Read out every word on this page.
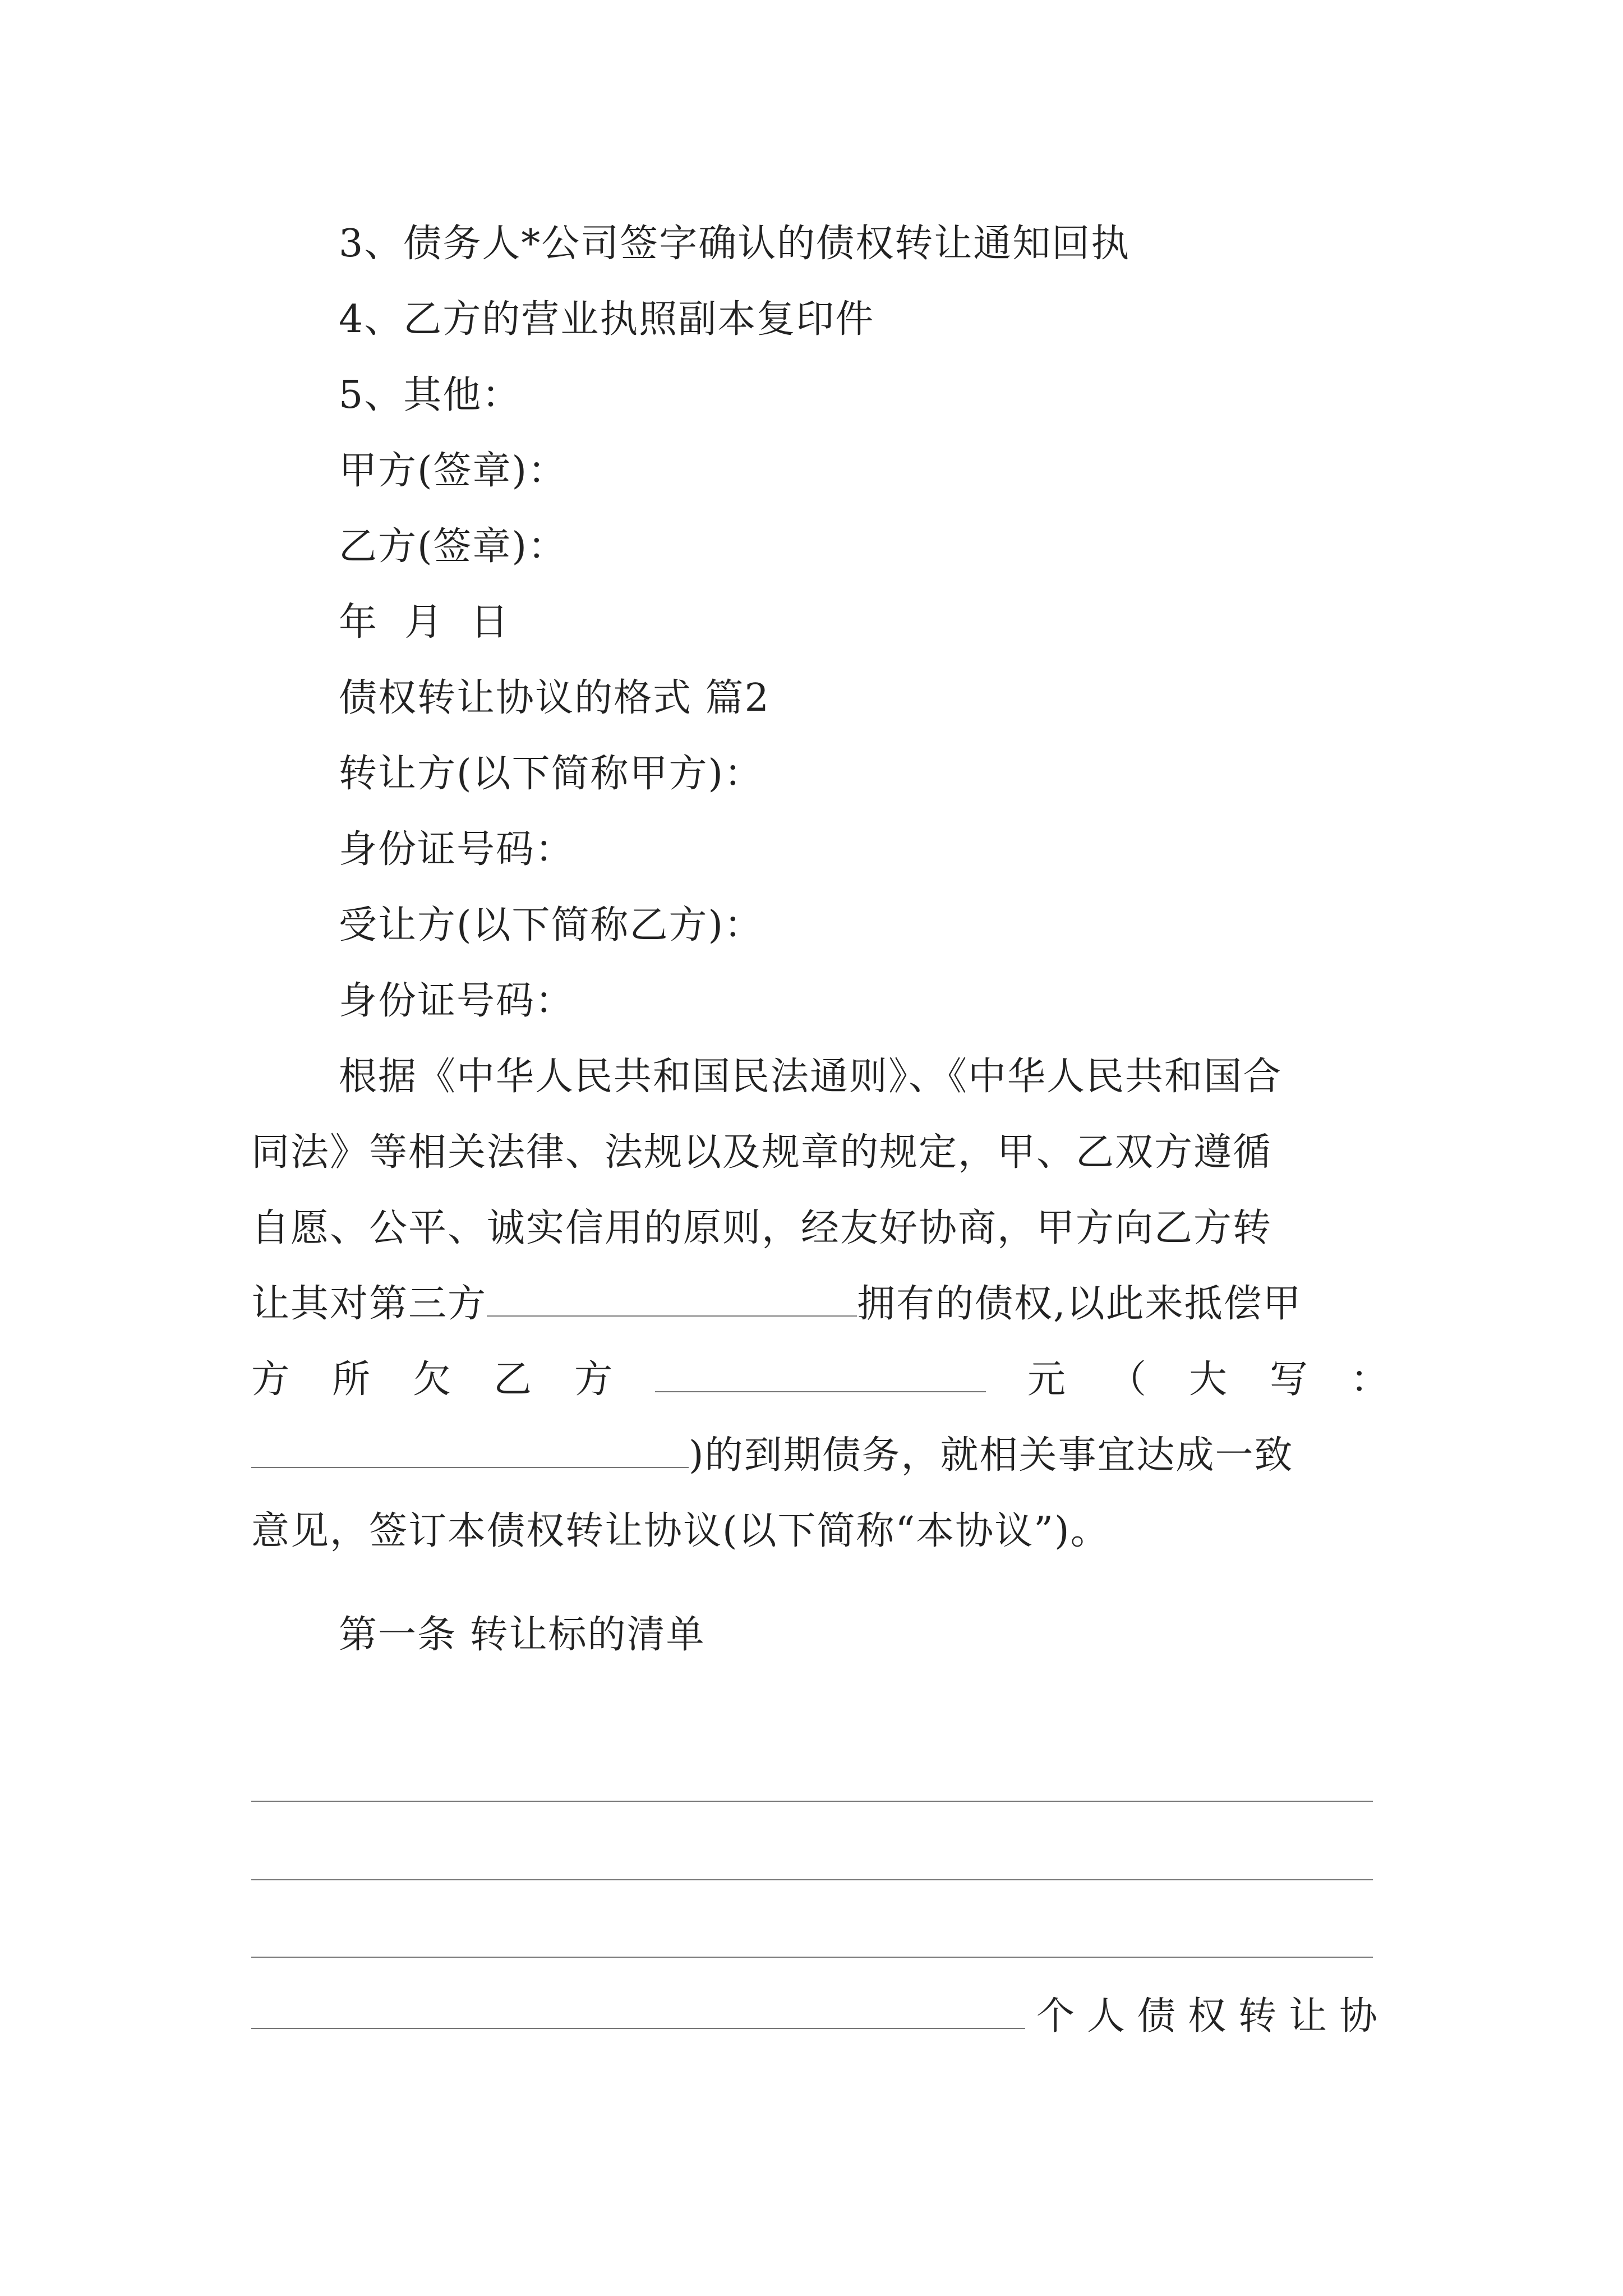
3、债务人*公司签字确认的债权转让通知回执
4、乙方的营业执照副本复印件
5、其他：
甲方(签章)：
乙方(签章)：
年  月  日
债权转让协议的格式 篇2
转让方(以下简称甲方)：
身份证号码：
受让方(以下简称乙方)：
身份证号码：
根据《中华人民共和国民法通则》、《中华人民共和国合
同法》等相关法律、法规以及规章的规定，甲、乙双方遵循
自愿、公平、诚实信用的原则，经友好协商，甲方向乙方转
让其对第三方	拥有的债权,以此来抵偿甲
方 所 欠 乙 方	元 （ 大 写 ：
)的到期债务，就相关事宜达成一致
意见，签订本债权转让协议(以下简称“本协议”)。
第一条 转让标的清单
个人债权转让协
